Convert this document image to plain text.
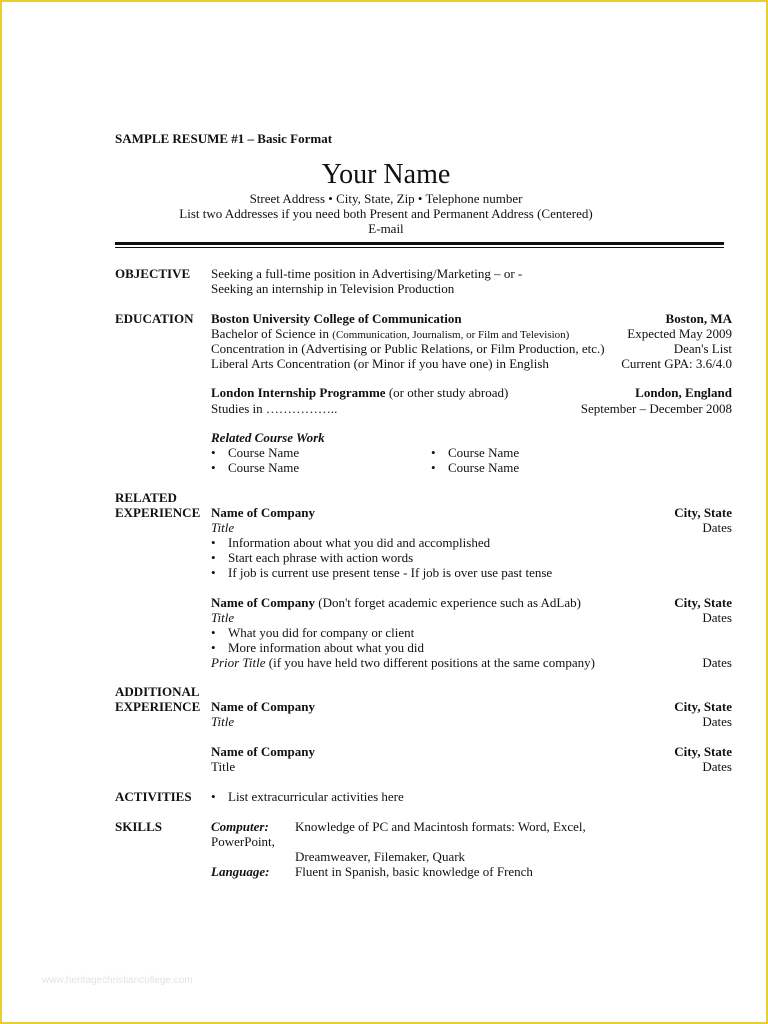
SAMPLE RESUME #1 – Basic Format
Your Name
Street Address • City, State, Zip • Telephone number
List two Addresses if you need both Present and Permanent Address (Centered)
E-mail
OBJECTIVE Seeking a full-time position in Advertising/Marketing – or -
Seeking an internship in Television Production
EDUCATION Boston University College of Communication	Boston, MA
Bachelor of Science in (Communication, Journalism, or Film and Television)	Expected May 2009
Concentration in (Advertising or Public Relations, or Film Production, etc.)	Dean's List
Liberal Arts Concentration (or Minor if you have one) in English	Current GPA: 3.6/4.0
London Internship Programme (or other study abroad)	London, England
Studies in ……………..	September – December 2008
Related Course Work
• Course Name
• Course Name
• Course Name
• Course Name
RELATED
EXPERIENCE Name of Company	City, State
Title	Dates
• Information about what you did and accomplished
• Start each phrase with action words
• If job is current use present tense - If job is over use past tense
Name of Company (Don't forget academic experience such as AdLab)	City, State
Title	Dates
• What you did for company or client
• More information about what you did
Prior Title (if you have held two different positions at the same company)	Dates
ADDITIONAL
EXPERIENCE Name of Company	City, State
Title	Dates
Name of Company	City, State
Title	Dates
ACTIVITIES
•	List extracurricular activities here
SKILLS	Computer: Knowledge of PC and Macintosh formats: Word, Excel,
PowerPoint,
Dreamweaver, Filemaker, Quark
Language: Fluent in Spanish, basic knowledge of French
www.heritagechristiancollege.com
